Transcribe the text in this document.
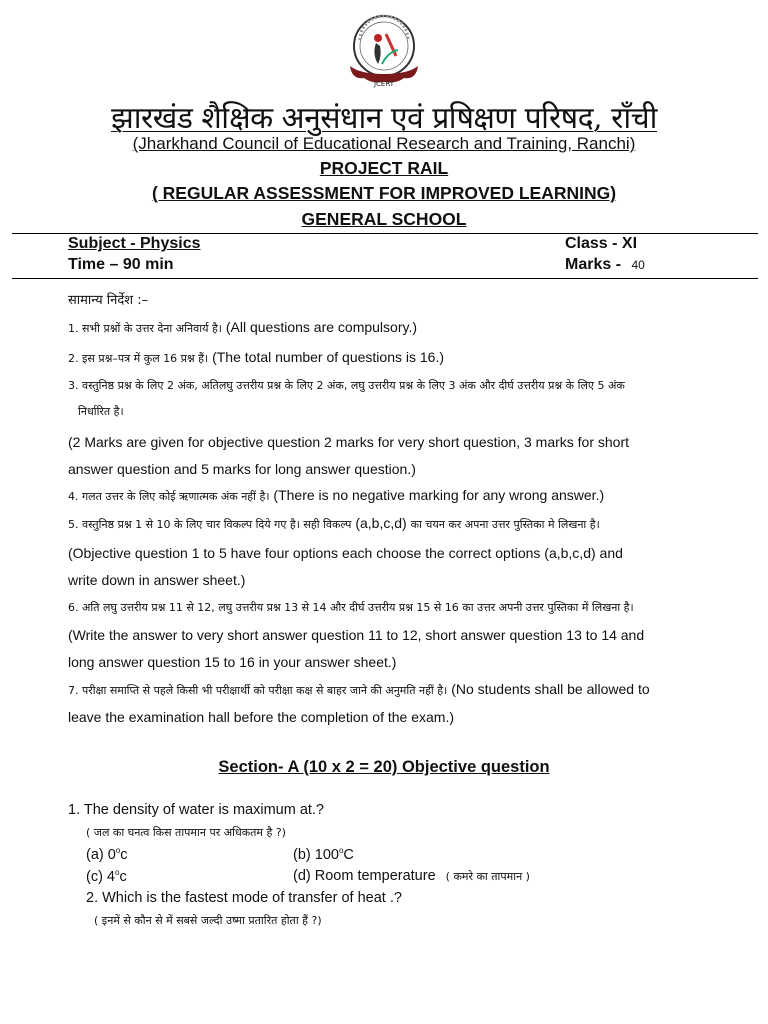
JCERT
झारखंड शैक्षिक अनुसंधान एवं प्रषिक्षण परिषद, राँची
(Jharkhand Council of Educational Research and Training, Ranchi)
PROJECT RAIL
( REGULAR ASSESSMENT FOR IMPROVED LEARNING)
GENERAL SCHOOL
Subject - Physics
Time – 90 min
Class - XI
Marks - 40
सामान्य निर्देश :–
1. सभी प्रश्नों के उत्तर देना अनिवार्य है। (All questions are compulsory.)
2. इस प्रश्न–पत्र में कुल 16 प्रश्न हैं। (The total number of questions is 16.)
3. वस्तुनिष्ठ प्रश्न के लिए 2 अंक, अतिलघु उत्तरीय प्रश्न के लिए 2 अंक, लघु उत्तरीय प्रश्न के लिए 3 अंक और दीर्घ उत्तरीय प्रश्न के लिए 5 अंक
निर्धारित है।
(2 Marks are given for objective question 2 marks for very short question, 3 marks for short
answer question and 5 marks for long answer question.)
4. गलत उत्तर के लिए कोई ऋणात्मक अंक नहीं है। (There is no negative marking for any wrong answer.)
5. वस्तुनिष्ठ प्रश्न 1 से 10 के लिए चार विकल्प दिये गए है। सही विकल्प (a,b,c,d) का चयन कर अपना उत्तर पुस्तिका मे लिखना है।
(Objective question 1 to 5 have four options each choose the correct options (a,b,c,d) and
write down in answer sheet.)
6. अति लघु उत्तरीय प्रश्न 11 से 12, लघु उत्तरीय प्रश्न 13 से 14 और दीर्घ उत्तरीय प्रश्न 15 से 16 का उत्तर अपनी उत्तर पुस्तिका में लिखना है।
(Write the answer to very short answer question 11 to 12, short answer question 13 to 14 and
long answer question 15 to 16 in your answer sheet.)
7. परीक्षा समाप्ति से पहले किसी भी परीक्षार्थी को परीक्षा कक्ष से बाहर जाने की अनुमति नहीं है। (No students shall be allowed to
leave the examination hall before the completion of the exam.)
Section- A (10 x 2 = 20) Objective question
1. The density of water is maximum at.?
( जल का घनत्व किस तापमान पर अधिकतम है ?)
(a) 0$^o$c	(b) 100$^o$C
(c) 4$^o$c	(d) Room temperature ( कमरे का तापमान )
2. Which is the fastest mode of transfer of heat .?
( इनमें से कौन से में सबसे जल्दी उष्मा प्रतारित होता हैं ?)
